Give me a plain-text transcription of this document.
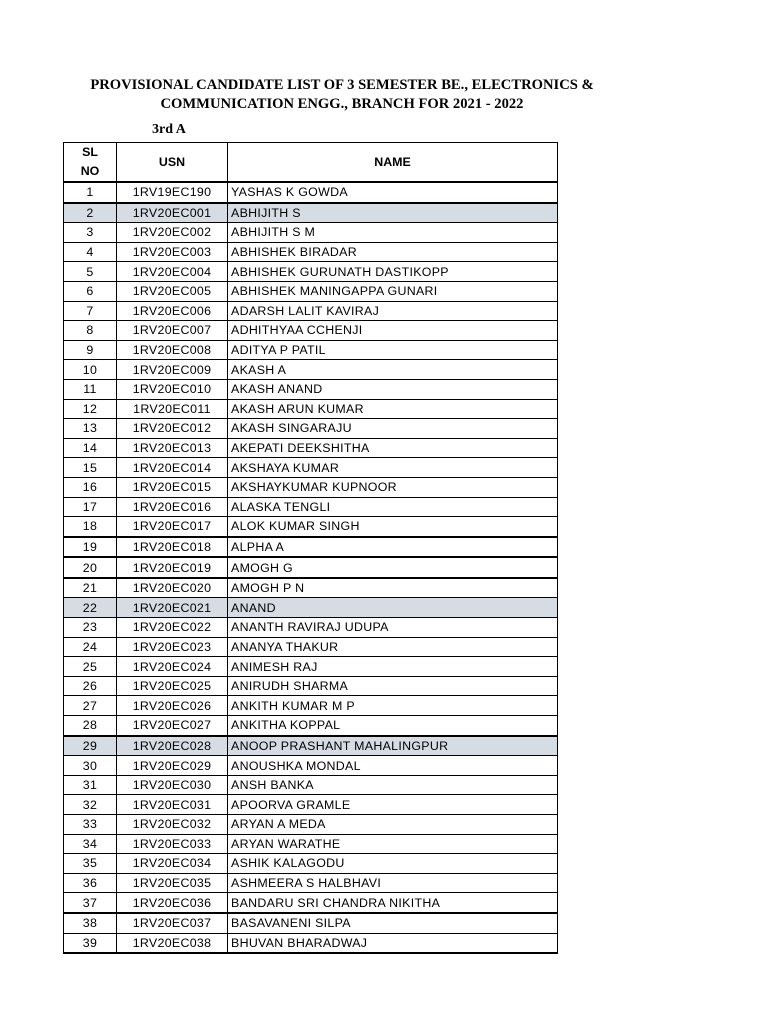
PROVISIONAL CANDIDATE LIST OF 3 SEMESTER BE., ELECTRONICS &
COMMUNICATION ENGG., BRANCH FOR 2021 - 2022
3rd A
SL
NO	USN	NAME
1	1RV19EC190	YASHAS K GOWDA
2	1RV20EC001	ABHIJITH S
3	1RV20EC002	ABHIJITH S M
4	1RV20EC003	ABHISHEK BIRADAR
5	1RV20EC004	ABHISHEK GURUNATH DASTIKOPP
6	1RV20EC005	ABHISHEK MANINGAPPA GUNARI
7	1RV20EC006	ADARSH LALIT KAVIRAJ
8	1RV20EC007	ADHITHYAA CCHENJI
9	1RV20EC008	ADITYA P PATIL
10	1RV20EC009	AKASH A
11	1RV20EC010	AKASH ANAND
12	1RV20EC011	AKASH ARUN KUMAR
13	1RV20EC012	AKASH SINGARAJU
14	1RV20EC013	AKEPATI DEEKSHITHA
15	1RV20EC014	AKSHAYA KUMAR
16	1RV20EC015	AKSHAYKUMAR KUPNOOR
17	1RV20EC016	ALASKA TENGLI
18	1RV20EC017	ALOK KUMAR SINGH
19	1RV20EC018	ALPHA A
20	1RV20EC019	AMOGH G
21	1RV20EC020	AMOGH P N
22	1RV20EC021	ANAND
23	1RV20EC022	ANANTH RAVIRAJ UDUPA
24	1RV20EC023	ANANYA THAKUR
25	1RV20EC024	ANIMESH RAJ
26	1RV20EC025	ANIRUDH SHARMA
27	1RV20EC026	ANKITH KUMAR M P
28	1RV20EC027	ANKITHA KOPPAL
29	1RV20EC028	ANOOP PRASHANT MAHALINGPUR
30	1RV20EC029	ANOUSHKA MONDAL
31	1RV20EC030	ANSH BANKA
32	1RV20EC031	APOORVA GRAMLE
33	1RV20EC032	ARYAN A MEDA
34	1RV20EC033	ARYAN WARATHE
35	1RV20EC034	ASHIK KALAGODU
36	1RV20EC035	ASHMEERA S HALBHAVI
37	1RV20EC036	BANDARU SRI CHANDRA NIKITHA
38	1RV20EC037	BASAVANENI SILPA
39	1RV20EC038	BHUVAN BHARADWAJ
